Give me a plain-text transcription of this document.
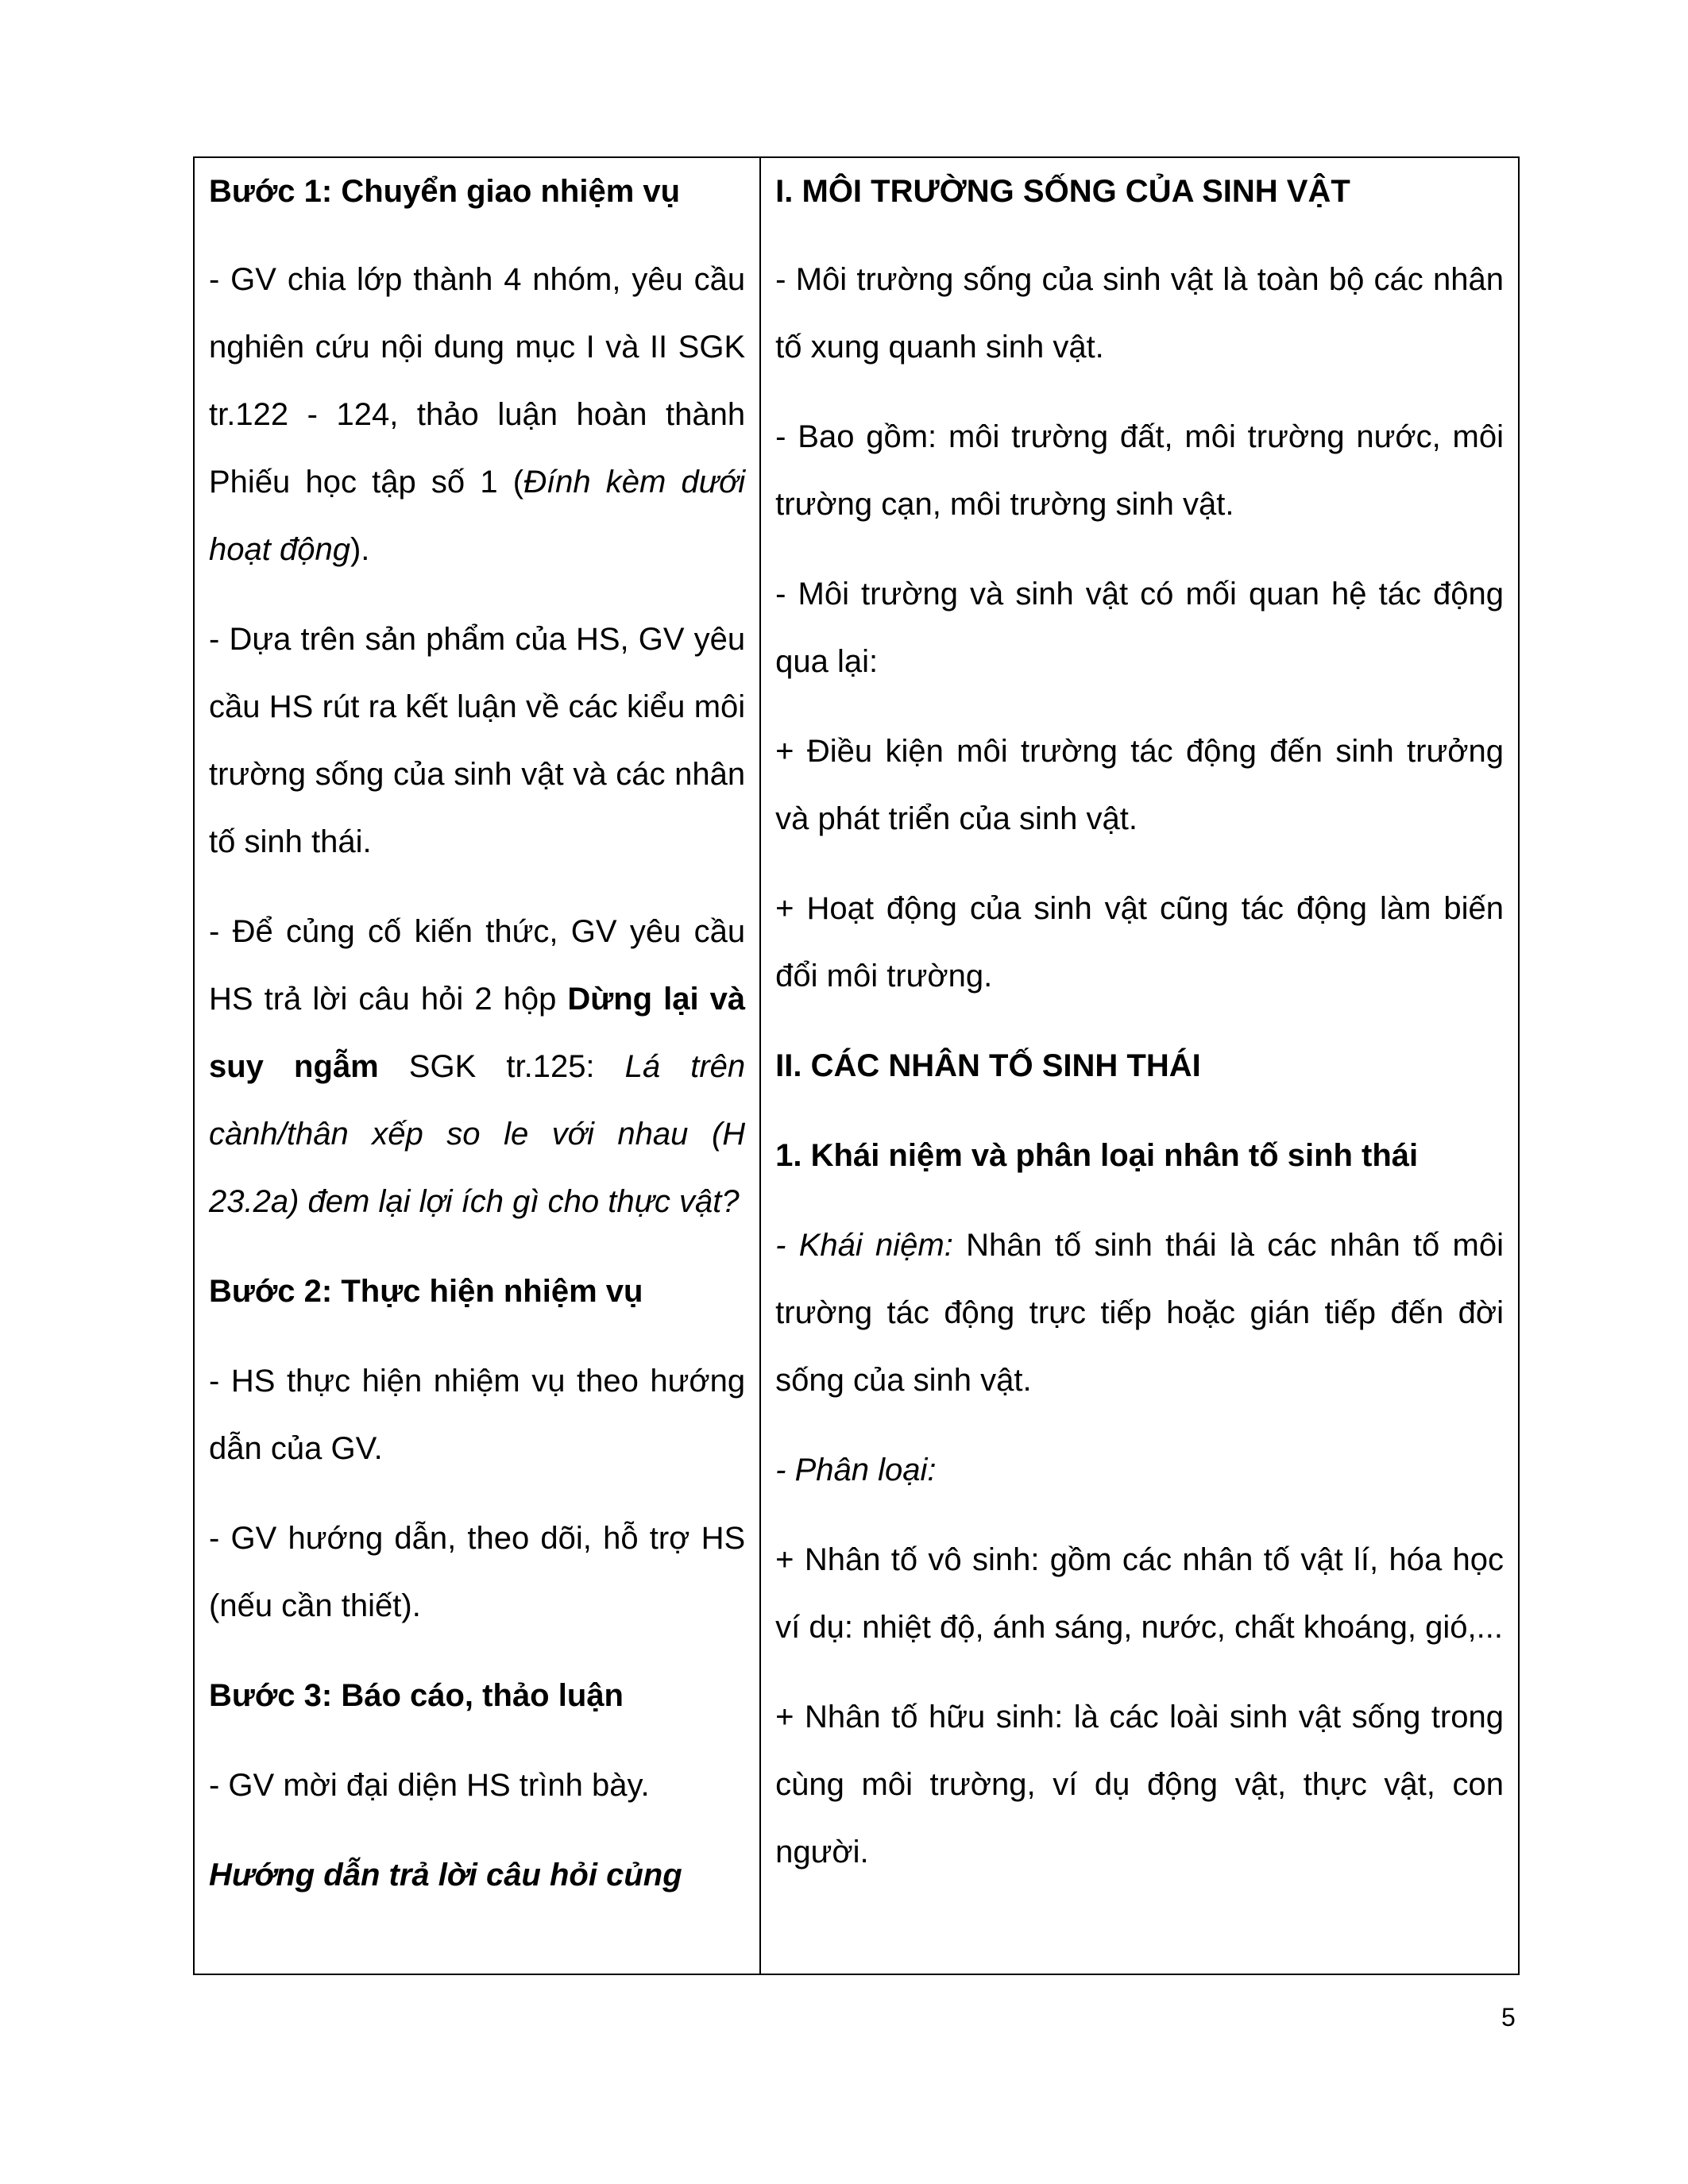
Bước 1: Chuyển giao nhiệm vụ

- GV chia lớp thành 4 nhóm, yêu cầu nghiên cứu nội dung mục I và II SGK tr.122 - 124, thảo luận hoàn thành Phiếu học tập số 1 (Đính kèm dưới hoạt động).

- Dựa trên sản phẩm của HS, GV yêu cầu HS rút ra kết luận về các kiểu môi trường sống của sinh vật và các nhân tố sinh thái.

- Để củng cố kiến thức, GV yêu cầu HS trả lời câu hỏi 2 hộp Dừng lại và suy ngẫm SGK tr.125: Lá trên cành/thân xếp so le với nhau (H 23.2a) đem lại lợi ích gì cho thực vật?

Bước 2: Thực hiện nhiệm vụ

- HS thực hiện nhiệm vụ theo hướng dẫn của GV.

- GV hướng dẫn, theo dõi, hỗ trợ HS (nếu cần thiết).

Bước 3: Báo cáo, thảo luận

- GV mời đại diện HS trình bày.

Hướng dẫn trả lời câu hỏi củng

I. MÔI TRƯỜNG SỐNG CỦA SINH VẬT

- Môi trường sống của sinh vật là toàn bộ các nhân tố xung quanh sinh vật.

- Bao gồm: môi trường đất, môi trường nước, môi trường cạn, môi trường sinh vật.

- Môi trường và sinh vật có mối quan hệ tác động qua lại:

+ Điều kiện môi trường tác động đến sinh trưởng và phát triển của sinh vật.

+ Hoạt động của sinh vật cũng tác động làm biến đổi môi trường.

II. CÁC NHÂN TỐ SINH THÁI

1. Khái niệm và phân loại nhân tố sinh thái

- Khái niệm: Nhân tố sinh thái là các nhân tố môi trường tác động trực tiếp hoặc gián tiếp đến đời sống của sinh vật.

- Phân loại:

+ Nhân tố vô sinh: gồm các nhân tố vật lí, hóa học ví dụ: nhiệt độ, ánh sáng, nước, chất khoáng, gió,...

+ Nhân tố hữu sinh: là các loài sinh vật sống trong cùng môi trường, ví dụ động vật, thực vật, con người.

5
